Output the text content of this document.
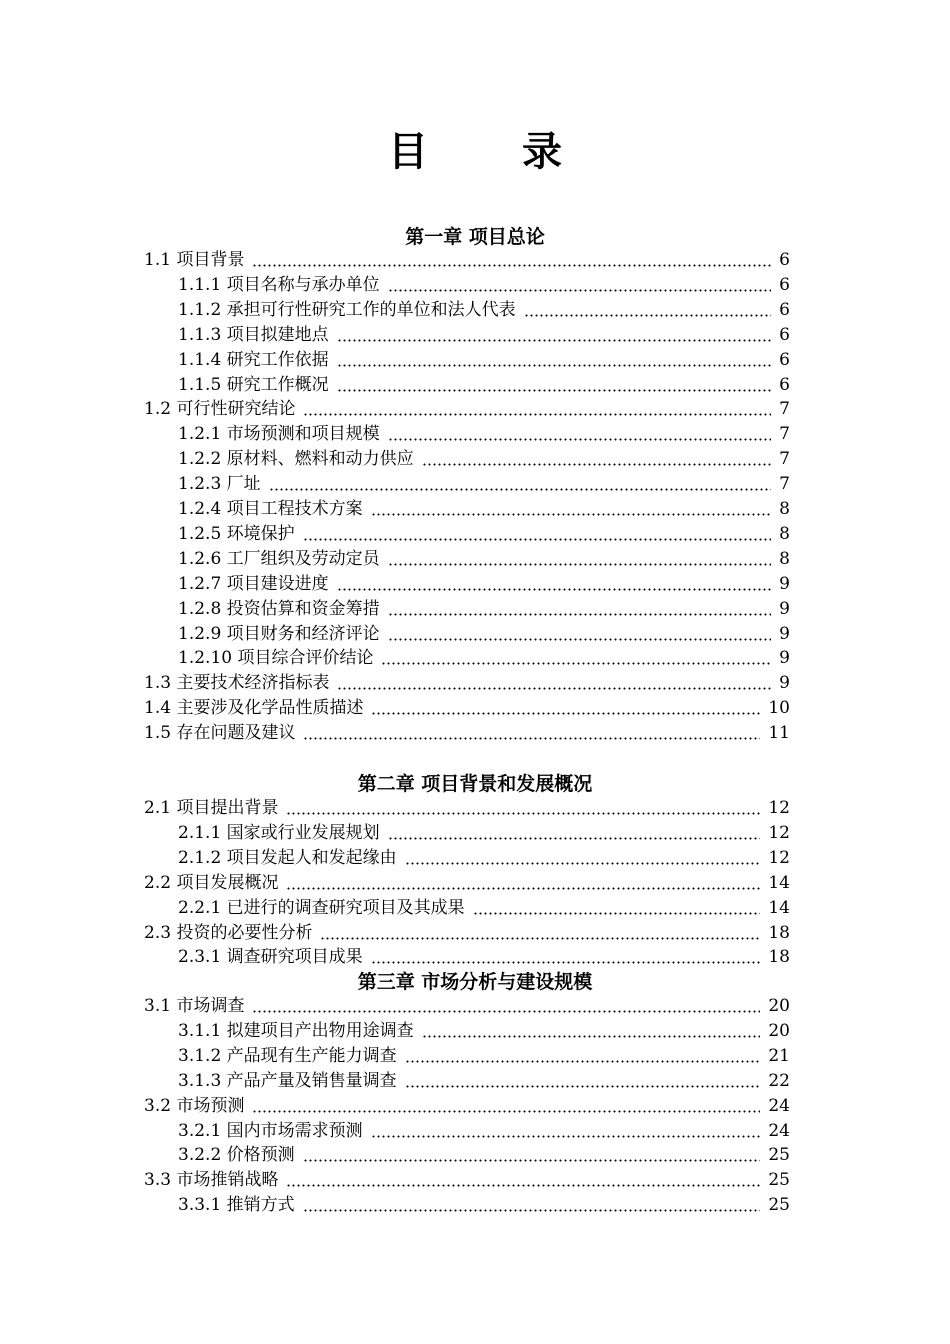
目 录
第一章 项目总论
1.1 项目背景	6
1.1.1 项目名称与承办单位	6
1.1.2 承担可行性研究工作的单位和法人代表	6
1.1.3 项目拟建地点	6
1.1.4 研究工作依据	6
1.1.5 研究工作概况	6
1.2 可行性研究结论	7
1.2.1 市场预测和项目规模	7
1.2.2 原材料、燃料和动力供应	7
1.2.3 厂址	7
1.2.4 项目工程技术方案	8
1.2.5 环境保护	8
1.2.6 工厂组织及劳动定员	8
1.2.7 项目建设进度	9
1.2.8 投资估算和资金筹措	9
1.2.9 项目财务和经济评论	9
1.2.10 项目综合评价结论	9
1.3 主要技术经济指标表	9
1.4 主要涉及化学品性质描述	10
1.5 存在问题及建议	11
第二章 项目背景和发展概况
2.1 项目提出背景	12
2.1.1 国家或行业发展规划	12
2.1.2 项目发起人和发起缘由	12
2.2 项目发展概况	14
2.2.1 已进行的调查研究项目及其成果	14
2.3 投资的必要性分析	18
2.3.1 调查研究项目成果	18
第三章 市场分析与建设规模
3.1 市场调查	20
3.1.1 拟建项目产出物用途调查	20
3.1.2 产品现有生产能力调查	21
3.1.3 产品产量及销售量调查	22
3.2 市场预测	24
3.2.1 国内市场需求预测	24
3.2.2 价格预测	25
3.3 市场推销战略	25
3.3.1 推销方式	25
